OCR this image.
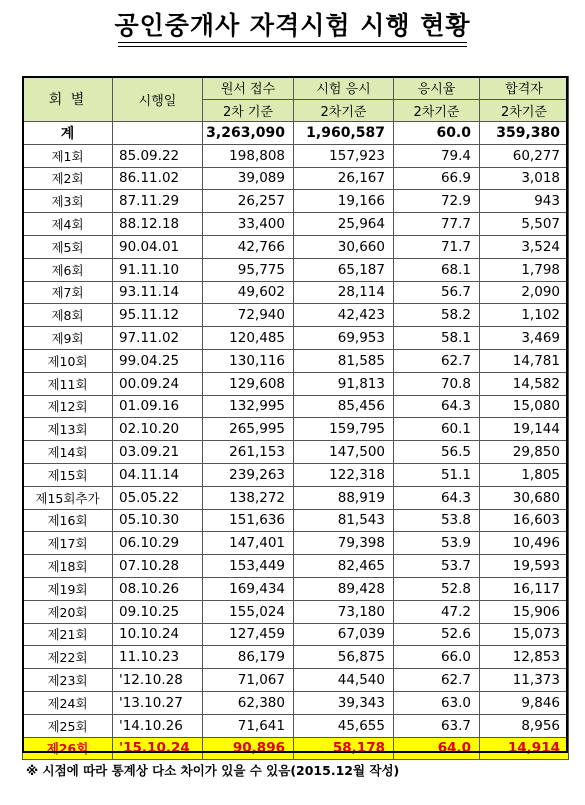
공인중개사 자격시험 시행 현황
회 별	시행일	원서 접수	시험 응시	응시율	합격자
		2차 기준	2차기준	2차기준	2차기준
계		3,263,090	1,960,587	60.0	359,380
제1회	85.09.22	198,808	157,923	79.4	60,277
제2회	86.11.02	39,089	26,167	66.9	3,018
제3회	87.11.29	26,257	19,166	72.9	943
제4회	88.12.18	33,400	25,964	77.7	5,507
제5회	90.04.01	42,766	30,660	71.7	3,524
제6회	91.11.10	95,775	65,187	68.1	1,798
제7회	93.11.14	49,602	28,114	56.7	2,090
제8회	95.11.12	72,940	42,423	58.2	1,102
제9회	97.11.02	120,485	69,953	58.1	3,469
제10회	99.04.25	130,116	81,585	62.7	14,781
제11회	00.09.24	129,608	91,813	70.8	14,582
제12회	01.09.16	132,995	85,456	64.3	15,080
제13회	02.10.20	265,995	159,795	60.1	19,144
제14회	03.09.21	261,153	147,500	56.5	29,850
제15회	04.11.14	239,263	122,318	51.1	1,805
제15회추가	05.05.22	138,272	88,919	64.3	30,680
제16회	05.10.30	151,636	81,543	53.8	16,603
제17회	06.10.29	147,401	79,398	53.9	10,496
제18회	07.10.28	153,449	82,465	53.7	19,593
제19회	08.10.26	169,434	89,428	52.8	16,117
제20회	09.10.25	155,024	73,180	47.2	15,906
제21회	10.10.24	127,459	67,039	52.6	15,073
제22회	11.10.23	86,179	56,875	66.0	12,853
제23회	'12.10.28	71,067	44,540	62.7	11,373
제24회	'13.10.27	62,380	39,343	63.0	9,846
제25회	'14.10.26	71,641	45,655	63.7	8,956
제26회	'15.10.24	90,896	58,178	64.0	14,914
※ 시점에 따라 통계상 다소 차이가 있을 수 있음(2015.12월 작성)
